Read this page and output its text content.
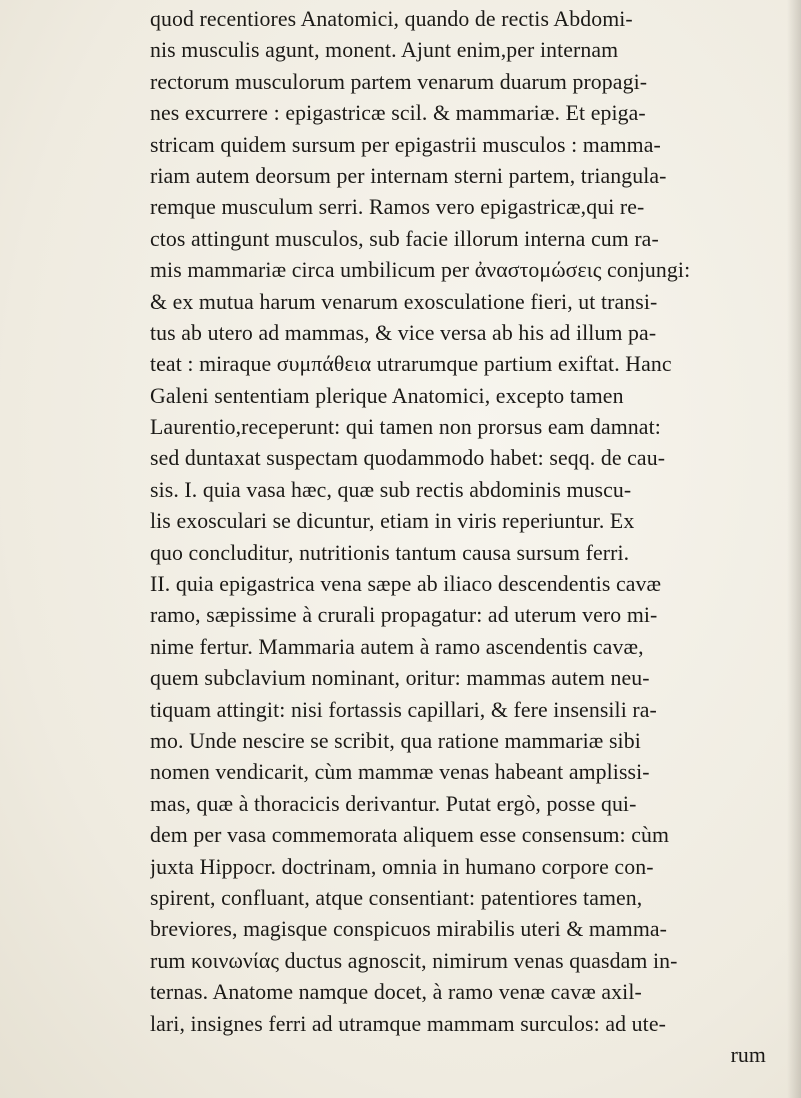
quod recentiores Anatomici, quando de rectis Abdomi-
nis musculis agunt, monent. Ajunt enim,per internam
rectorum musculorum partem venarum duarum propagi-
nes excurrere : epigastricæ scil. & mammariæ. Et epiga-
stricam quidem sursum per epigastrii musculos : mamma-
riam autem deorsum per internam sterni partem, triangula-
remque musculum serri. Ramos vero epigastricæ,qui re-
ctos attingunt musculos, sub facie illorum interna cum ra-
mis mammariæ circa umbilicum per ἀναστομώσεις conjungi:
& ex mutua harum venarum exosculatione fieri, ut transi-
tus ab utero ad mammas, & vice versa ab his ad illum pa-
teat : miraque συμπάθεια utrarumque partium exiftat. Hanc
Galeni sententiam plerique Anatomici, excepto tamen
Laurentio,receperunt: qui tamen non prorsus eam damnat:
sed duntaxat suspectam quodammodo habet: seqq. de cau-
sis. I. quia vasa hæc, quæ sub rectis abdominis muscu-
lis exosculari se dicuntur, etiam in viris reperiuntur. Ex
quo concluditur, nutritionis tantum causa sursum ferri.
II. quia epigastrica vena sæpe ab iliaco descendentis cavæ
ramo, sæpissime à crurali propagatur: ad uterum vero mi-
nime fertur. Mammaria autem à ramo ascendentis cavæ,
quem subclavium nominant, oritur: mammas autem neu-
tiquam attingit: nisi fortassis capillari, & fere insensili ra-
mo. Unde nescire se scribit, qua ratione mammariæ sibi
nomen vendicarit, cùm mammæ venas habeant amplissi-
mas, quæ à thoracicis derivantur. Putat ergò, posse qui-
dem per vasa commemorata aliquem esse consensum: cùm
juxta Hippocr. doctrinam, omnia in humano corpore con-
spirent, confluant, atque consentiant: patentiores tamen,
breviores, magisque conspicuos mirabilis uteri & mamma-
rum κοινωνίας ductus agnoscit, nimirum venas quasdam in-
ternas. Anatome namque docet, à ramo venæ cavæ axil-
lari, insignes ferri ad utramque mammam surculos: ad ute-
rum
